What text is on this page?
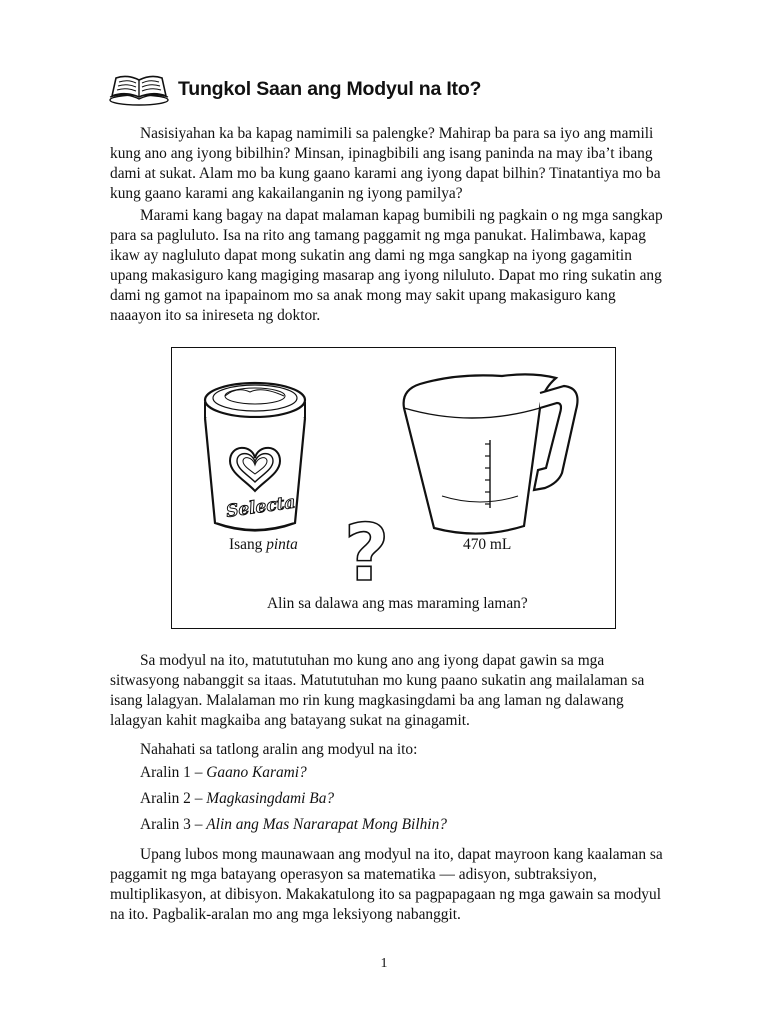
Tungkol Saan ang Modyul na Ito?

Nasisiyahan ka ba kapag namimili sa palengke? Mahirap ba para sa iyo ang mamili kung ano ang iyong bibilhin? Minsan, ipinagbibili ang isang paninda na may iba’t ibang dami at sukat. Alam mo ba kung gaano karami ang iyong dapat bilhin? Tinatantiya mo ba kung gaano karami ang kakailanganin ng iyong pamilya?

Marami kang bagay na dapat malaman kapag bumibili ng pagkain o ng mga sangkap para sa pagluluto. Isa na rito ang tamang paggamit ng mga panukat. Halimbawa, kapag ikaw ay nagluluto dapat mong sukatin ang dami ng mga sangkap na iyong gagamitin upang makasiguro kang magiging masarap ang iyong niluluto. Dapat mo ring sukatin ang dami ng gamot na ipapainom mo sa anak mong may sakit upang makasiguro kang naaayon ito sa inireseta ng doktor.

Selecta
?
Isang pinta	470 mL
Alin sa dalawa ang mas maraming laman?

Sa modyul na ito, matututuhan mo kung ano ang iyong dapat gawin sa mga sitwasyong nabanggit sa itaas. Matututuhan mo kung paano sukatin ang mailalaman sa isang lalagyan. Malalaman mo rin kung magkasingdami ba ang laman ng dalawang lalagyan kahit magkaiba ang batayang sukat na ginagamit.

Nahahati sa tatlong aralin ang modyul na ito:

Aralin 1 – Gaano Karami?
Aralin 2 – Magkasingdami Ba?
Aralin 3 – Alin ang Mas Nararapat Mong Bilhin?

Upang lubos mong maunawaan ang modyul na ito, dapat mayroon kang kaalaman sa paggamit ng mga batayang operasyon sa matematika — adisyon, subtraksiyon, multiplikasyon, at dibisyon. Makakatulong ito sa pagpapagaan ng mga gawain sa modyul na ito. Pagbalik-aralan mo ang mga leksiyong nabanggit.

1
